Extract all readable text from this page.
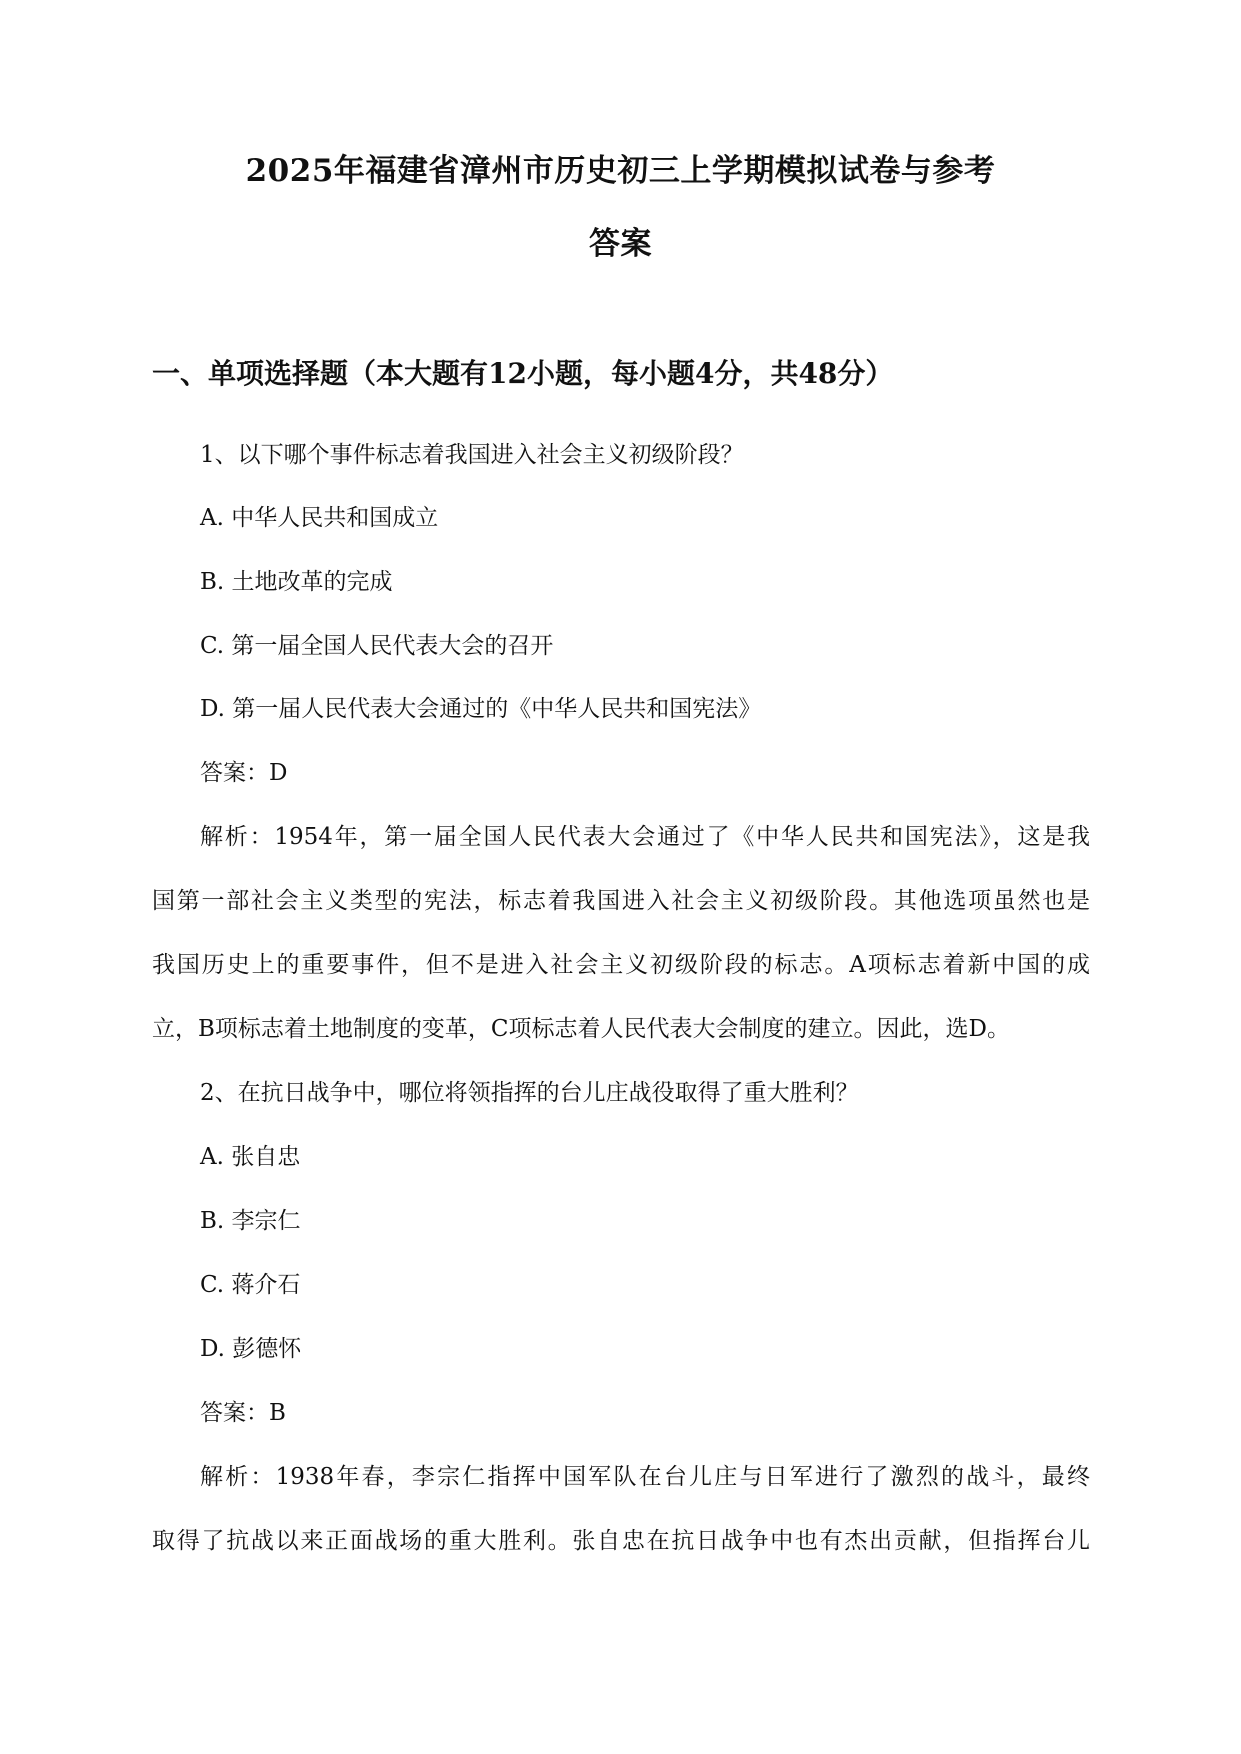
2025年福建省漳州市历史初三上学期模拟试卷与参考
答案
一、单项选择题（本大题有12小题，每小题4分，共48分）
1、以下哪个事件标志着我国进入社会主义初级阶段？
A. 中华人民共和国成立
B. 土地改革的完成
C. 第一届全国人民代表大会的召开
D. 第一届人民代表大会通过的《中华人民共和国宪法》
答案：D
解析：1954年，第一届全国人民代表大会通过了《中华人民共和国宪法》，这是我
国第一部社会主义类型的宪法，标志着我国进入社会主义初级阶段。其他选项虽然也是
我国历史上的重要事件，但不是进入社会主义初级阶段的标志。A项标志着新中国的成
立，B项标志着土地制度的变革，C项标志着人民代表大会制度的建立。因此，选D。
2、在抗日战争中，哪位将领指挥的台儿庄战役取得了重大胜利？
A. 张自忠
B. 李宗仁
C. 蒋介石
D. 彭德怀
答案：B
解析：1938年春，李宗仁指挥中国军队在台儿庄与日军进行了激烈的战斗，最终
取得了抗战以来正面战场的重大胜利。张自忠在抗日战争中也有杰出贡献，但指挥台儿
